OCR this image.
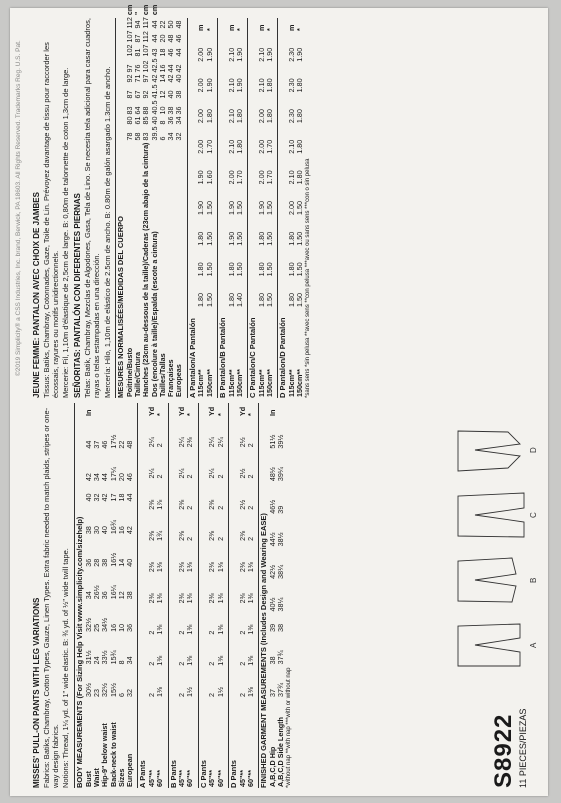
©2019 Simplicity® a CSS Industries, Inc. brand, Berwick, PA 18603. All Rights Reserved. Trademarks Reg. U.S. Pat.
MISSES' PULL-ON PANTS WITH LEG VARIATIONS Fabrics: Batiks, Chambray, Cotton Types, Gauze, Linen Types. Extra fabric needed to match plaids, stripes or one-way design fabrics. Notions: Thread, 1¼ yd. of 1" wide elastic. B: ¾ yd. of ½" wide twill tape. BODY MEASUREMENTS (For Sizing Help Visit www.simplicity.com/sizehelp) Bust	30½	31½	32½	34	36	38	40	42	44	In
Waist	23	24	25	26½	28	30	32	34	37	
Hip-9" below waist	32½	33½	34½	36	38	40	42	44	46	
Back-neck to waist	15½	15¾	16	16¼	16½	16¾	17	17¼	17½	
Sizes	6	8	10	12	14	16	18	20	22	
European	32	34	36	38	40	42	44	46	48	
A Pants 45"**	2	2	2	2⅜	2⅜	2⅜	2⅜	2¼	2¼	Yd
60"**	1⅜	1⅜	1⅜	1⅜	1⅜	1¾	1⅞	2	2	*
B Pants 45"**	2	2	2	2⅜	2⅜	2⅜	2⅜	2¼	2¼	Yd
60"**	1½	1⅜	1⅜	1⅜	1⅜	2	2	2	2⅜	*
C Pants 45"**	2	2	2	2⅜	2⅜	2⅜	2⅜	2¼	2¼	Yd
60"**	1½	1⅜	1⅜	1⅜	1⅜	2	2	2	2¼	*
D Pants 45"**	2	2	2	2⅜	2⅜	2⅜	2½	2½	2½	Yd
60"**	1⅜	1⅜	1⅜	1⅜	1⅜	2	2	2	2	*
FINISHED GARMENT MEASUREMENTS (Includes Design and Wearing EASE) A,B,C,D Hip	37	38	39	40½	42½	44½	46½	48½	51½	In
A,B,C,D Side Length	37¾	37¾	38	38¼	38¼	38½	39	39¼	39½	
*without nap **with nap ***with or without nap
JEUNE FEMME: PANTALON AVEC CHOIX DE JAMBES Tissus: Batiks, Chambray, Cotonnades, Gaze, Toile de Lin. Prévoyez davantage de tissu pour raccorder les écossais, rayures ou motifs unidirectionnels. Mercerie: Fil, 1,10m d'élastique de 2,5cm de large. B: 0,80m de talonnette de coton 1,3cm de large. SEÑORITAS: PANTALÓN CON DIFERENTES PIERNAS Telas: Batik, Chambray, Mezclas de Algodones, Gasa, Tela de Lino. Se necesita tela adicional para casar cuadros, rayas o telas estampadas en una dirección. Mercería: Hilo, 1,10m de elástico de 2.5cm de ancho. B: 0.80m de galón asargado 1.3cm de ancho. MESURES NORMALISÉES/MEDIDAS DEL CUERPO Poitrine/Busto	78	80	83	87	92	97	102	107	112	cm
Taille/Cintura	58	61	64	67	71	76	81	87	94	"
Hanches (23cm au-dessous de la taille)/Caderas (23cm abajo de la cintura)	83	85	88	92	97	102	107	112	117	cm
Dos (encolure à taille)/Espalda (escote a cintura)	39.5	40	40.5	41.5	42	42.5	43	44	44	cm
Tailles/Tallas	6	8	10	12	14	16	18	20	22	
Françaises	34	36	38	40	42	44	46	48	50	
Europeas	32	34	36	38	40	42	44	46	48	
A Pantalon/A Pantalón 115cm**	1.80	1.80	1.80	1.90	1.90	2.00	2.00	2.00	2.00	m
150cm**	1.50	1.50	1.50	1.50	1.60	1.70	1.80	1.90	1.90	*
B Pantalon/B Pantalón 115cm**	1.80	1.80	1.90	1.90	2.00	2.10	2.10	2.10	2.10	m
150cm**	1.40	1.50	1.50	1.50	1.70	1.80	1.80	1.90	1.90	*
C Pantalon/C Pantalón 115cm**	1.80	1.80	1.80	1.90	2.00	2.00	2.00	2.10	2.10	m
150cm**	1.50	1.50	1.50	1.50	1.70	1.70	1.80	1.80	1.90	*
D Pantalon/D Pantalón 115cm**	1.80	1.80	1.80	2.00	2.10	2.10	2.30	2.30	2.30	m
150cm**	1.50	1.50	1.50	1.50	1.80	1.80	1.80	1.80	1.90	*
*sans sens *sin pelusa **avec sens **con pelusa ***avec ou sans sens ***con o sin pelusa
S8922 11 PIECES/PIEZAS
A
B
C
D
